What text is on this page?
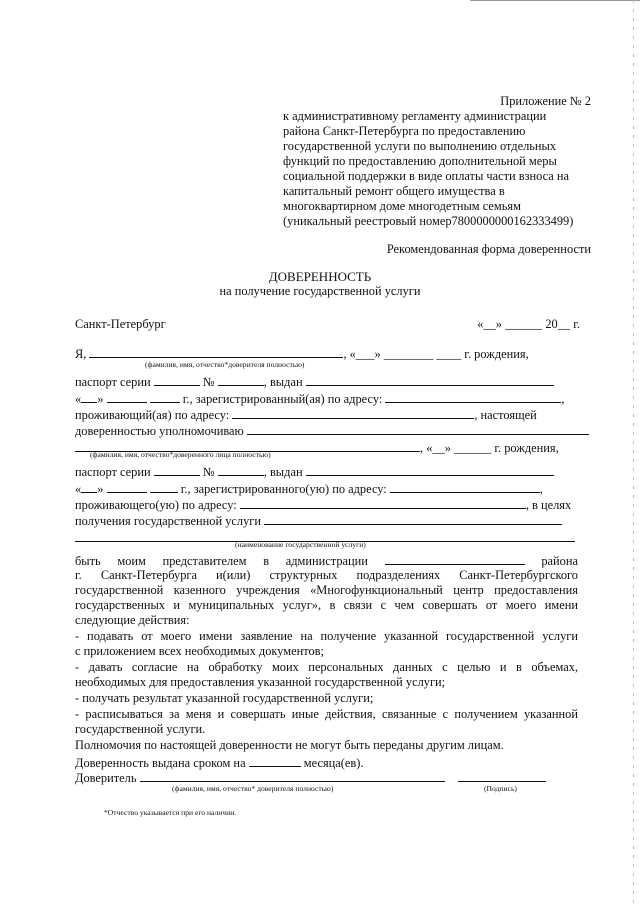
Приложение № 2
к административному регламенту администрации
района Санкт-Петербурга по предоставлению
государственной услуги по выполнению отдельных
функций по предоставлению дополнительной меры
социальной поддержки в виде оплаты части взноса на
капитальный ремонт общего имущества в
многоквартирном доме многодетным семьям
(уникальный реестровый номер7800000000162333499)
Рекомендованная форма доверенности
ДОВЕРЕННОСТЬ
на получение государственной услуги
Санкт-Петербург	«__» ______ 20__ г.
Я,	, «___» ________ ____ г. рождения,
(фамилия, имя, отчество*доверителя полностью)
паспорт серии	№	, выдан
« »	г., зарегистрированный(ая) по адресу:	,
проживающий(ая) по адресу:	, настоящей
доверенностью уполномочиваю
, «__» ______ г. рождения,
(фамилия, имя, отчество*доверенного лица полностью)
паспорт серии	№	, выдан
« »	г., зарегистрированного(ую) по адресу:	,
проживающего(ую) по адресу:	, в целях
получения государственной услуги
(наименование государственной услуги)
быть моим представителем в администрации	района
г. Санкт-Петербурга и(или) структурных подразделениях Санкт-Петербургского
государственной казенного учреждения «Многофункциональный центр предоставления
государственных и муниципальных услуг», в связи с чем совершать от моего имени
следующие действия:
- подавать от моего имени заявление на получение указанной государственной услуги
с приложением всех необходимых документов;
- давать согласие на обработку моих персональных данных с целью и в объемах,
необходимых для предоставления указанной государственной услуги;
- получать результат указанной государственной услуги;
- расписываться за меня и совершать иные действия, связанные с получением указанной
государственной услуги.
Полномочия по настоящей доверенности не могут быть переданы другим лицам.
Доверенность выдана сроком на	месяца(ев).
Доверитель
(фамилия, имя, отчество* доверителя полностью)	(Подпись)
*Отчество указывается при его наличии.
